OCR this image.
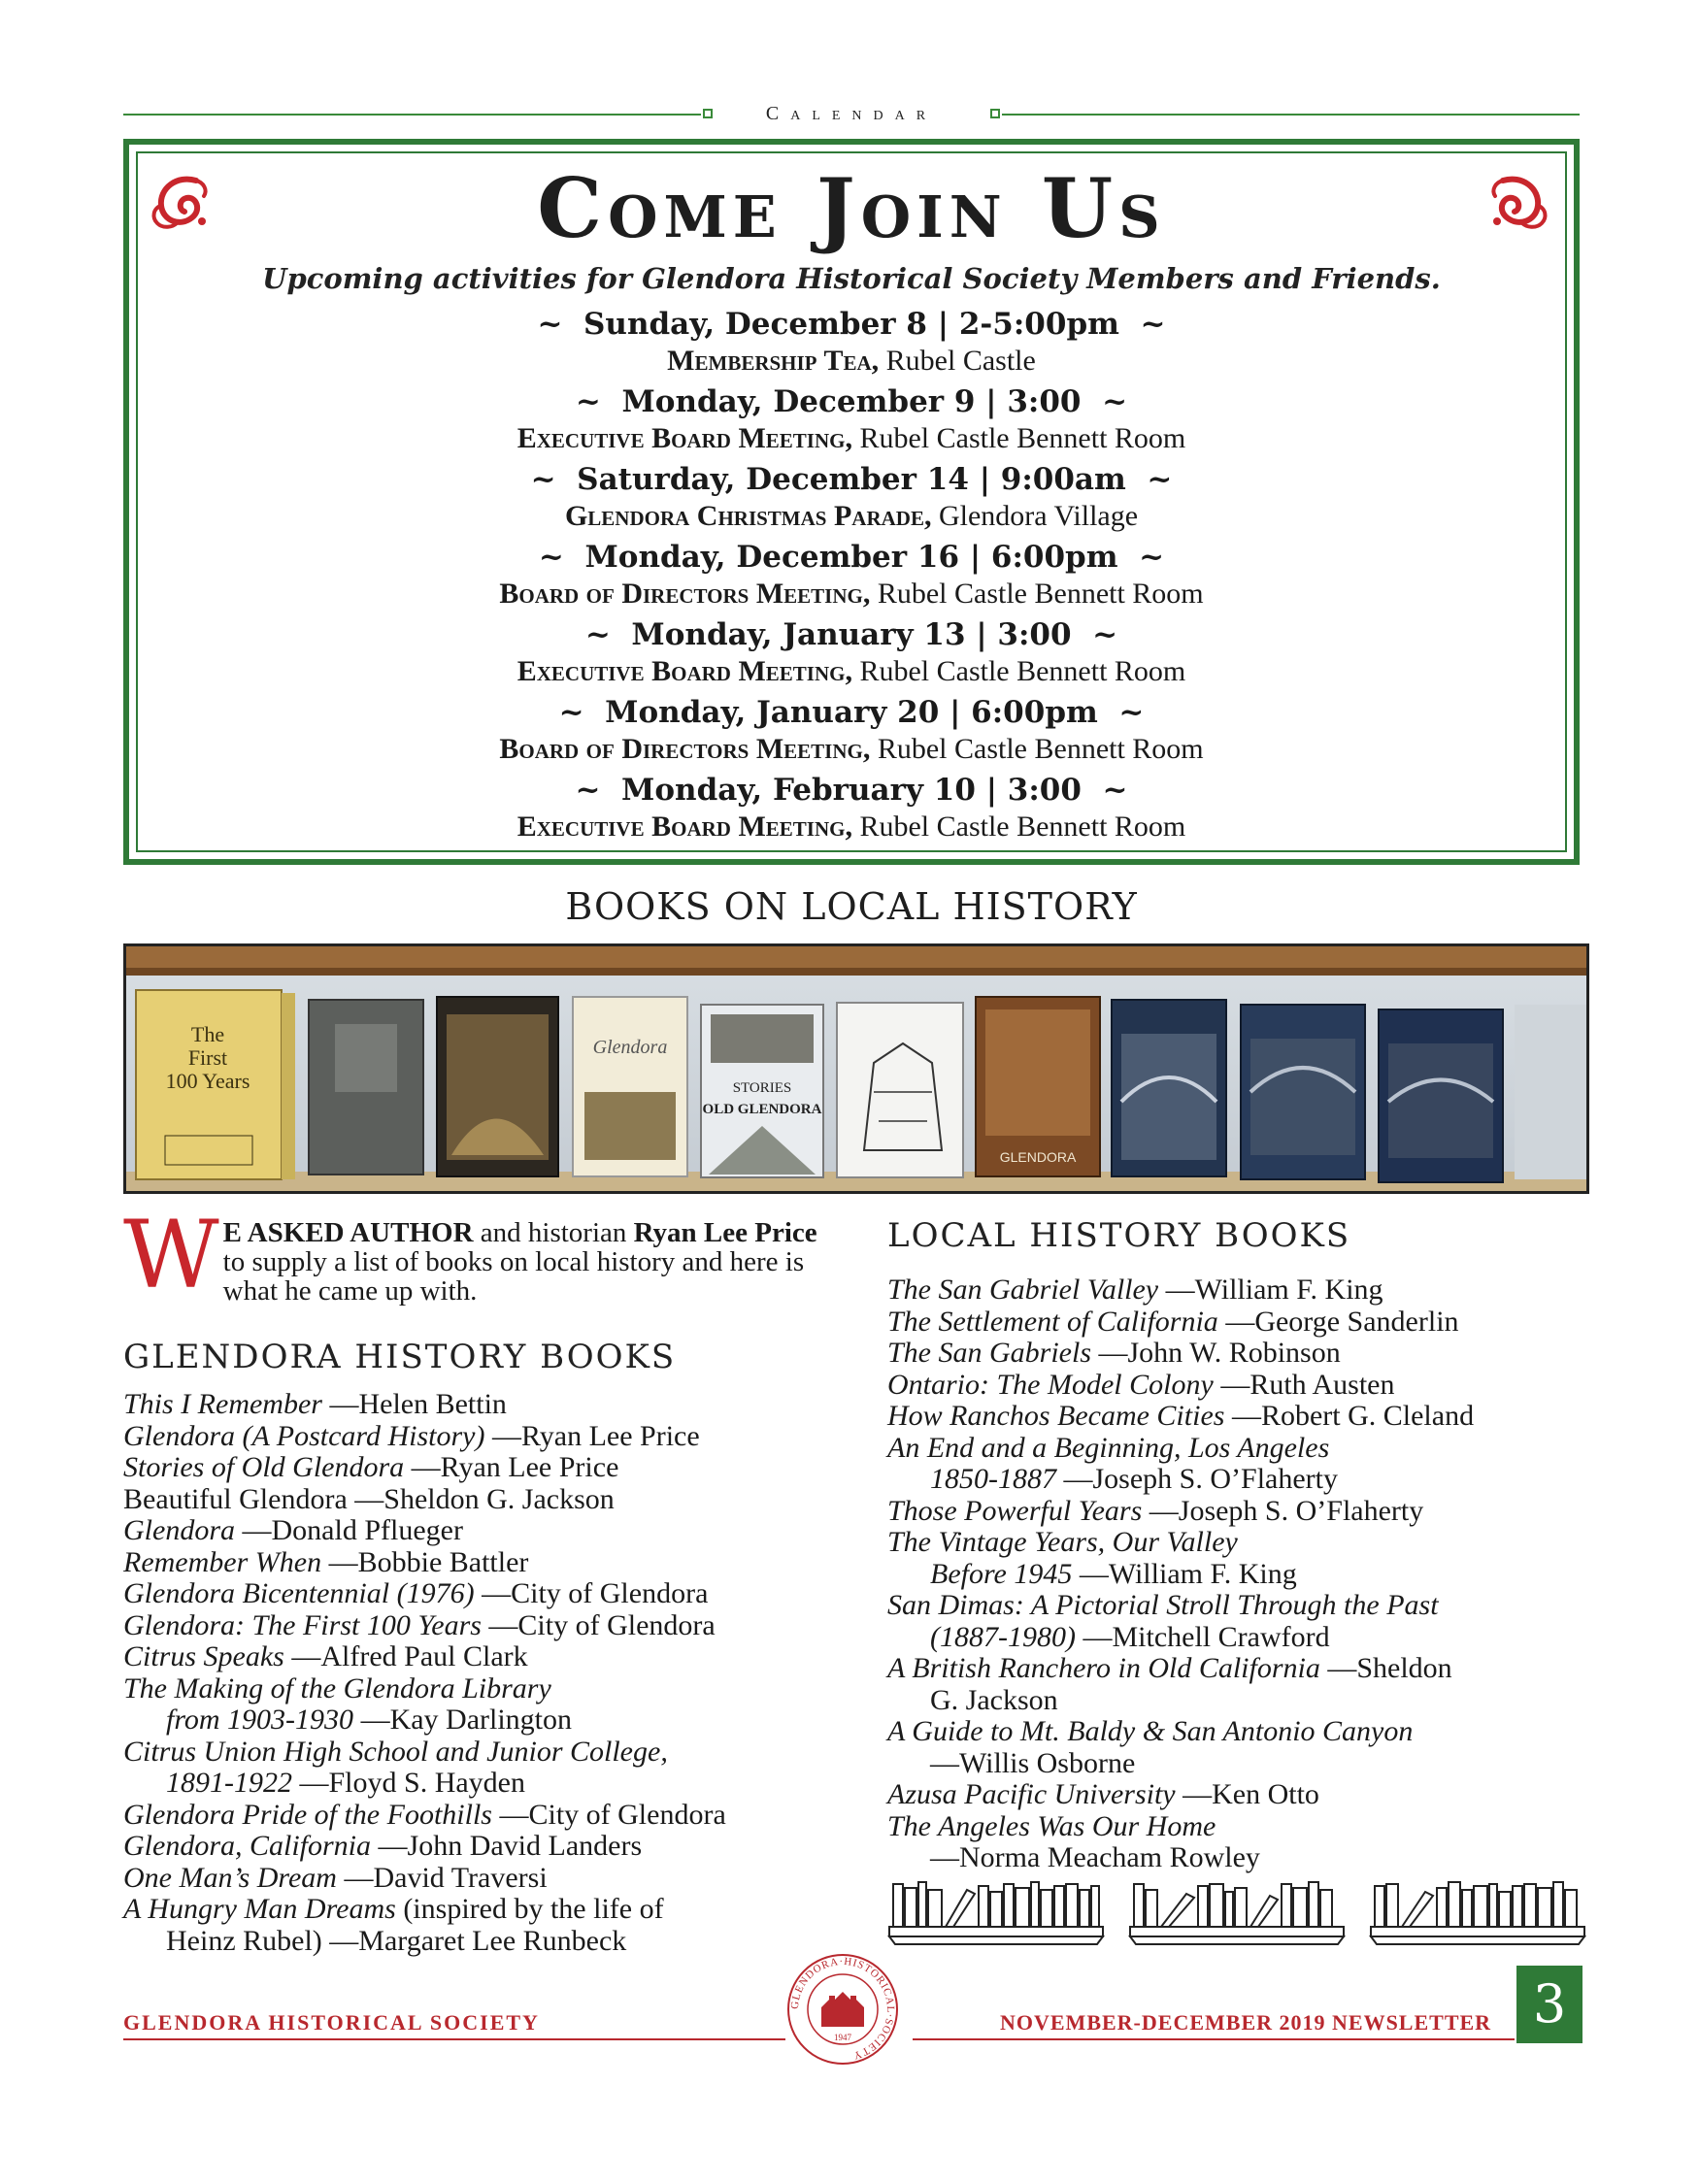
Calendar
Come Join Us
Upcoming activities for Glendora Historical Society Members and Friends.
~  Sunday, December 8 | 2-5:00pm  ~
Membership Tea, Rubel Castle
~  Monday, December 9 | 3:00  ~
Executive Board Meeting, Rubel Castle Bennett Room
~  Saturday, December 14 | 9:00am  ~
Glendora Christmas Parade, Glendora Village
~  Monday, December 16 | 6:00pm  ~
Board of Directors Meeting, Rubel Castle Bennett Room
~  Monday, January 13 | 3:00  ~
Executive Board Meeting, Rubel Castle Bennett Room
~  Monday, January 20 | 6:00pm  ~
Board of Directors Meeting, Rubel Castle Bennett Room
~  Monday, February 10 | 3:00  ~
Executive Board Meeting, Rubel Castle Bennett Room
BOOKS ON LOCAL HISTORY
The
First
100 Years
Glendora
STORIES
OLD GLENDORA
GLENDORA
W E ASKED AUTHOR and historian Ryan Lee Price to supply a list of books on local history and here is what he came up with.
GLENDORA HISTORY BOOKS
This I Remember —Helen Bettin
Glendora (A Postcard History) —Ryan Lee Price
Stories of Old Glendora —Ryan Lee Price
Beautiful Glendora —Sheldon G. Jackson
Glendora —Donald Pflueger
Remember When —Bobbie Battler
Glendora Bicentennial (1976) —City of Glendora
Glendora: The First 100 Years —City of Glendora
Citrus Speaks —Alfred Paul Clark
The Making of the Glendora Library
from 1903-1930 —Kay Darlington
Citrus Union High School and Junior College,
1891-1922 —Floyd S. Hayden
Glendora Pride of the Foothills —City of Glendora
Glendora, California —John David Landers
One Man’s Dream —David Traversi
A Hungry Man Dreams (inspired by the life of
Heinz Rubel) —Margaret Lee Runbeck
LOCAL HISTORY BOOKS
The San Gabriel Valley —William F. King
The Settlement of California —George Sanderlin
The San Gabriels —John W. Robinson
Ontario: The Model Colony —Ruth Austen
How Ranchos Became Cities —Robert G. Cleland
An End and a Beginning, Los Angeles
1850-1887 —Joseph S. O’Flaherty
Those Powerful Years —Joseph S. O’Flaherty
The Vintage Years, Our Valley
Before 1945 —William F. King
San Dimas: A Pictorial Stroll Through the Past
(1887-1980) —Mitchell Crawford
A British Ranchero in Old California —Sheldon
G. Jackson
A Guide to Mt. Baldy & San Antonio Canyon
—Willis Osborne
Azusa Pacific University —Ken Otto
The Angeles Was Our Home
—Norma Meacham Rowley
GLENDORA HISTORICAL SOCIETY	NOVEMBER-DECEMBER 2019 NEWSLETTER 3
GLENDORA·HISTORICAL·SOCIETY
1947
